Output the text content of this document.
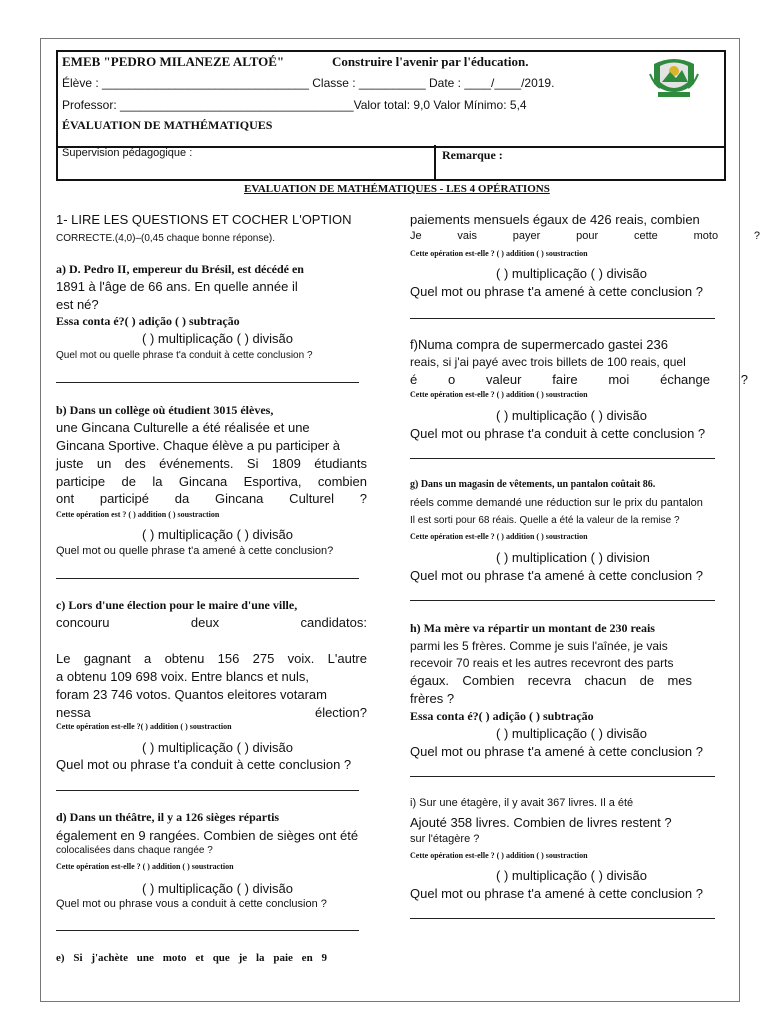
EMEB "PEDRO MILANEZE ALTOÉ"	Construire l'avenir par l'éducation.
Élève : _______________________________ Classe : __________ Date : ____/____/2019.
Professor: ___________________________________Valor total: 9,0 Valor Mínimo: 5,4
ÉVALUATION DE MATHÉMATIQUES
Supervision pédagogique :	Remarque :
EVALUATION DE MATHÉMATIQUES - LES 4 OPÉRATIONS
1- LIRE LES QUESTIONS ET COCHER L'OPTION
CORRECTE.(4,0)–(0,45 chaque bonne réponse).
a) D. Pedro II, empereur du Brésil, est décédé en
1891 à l'âge de 66 ans. En quelle année il
est né?
Essa conta é?( ) adição ( ) subtração
( ) multiplicação ( ) divisão
Quel mot ou quelle phrase t'a conduit à cette conclusion ?
b) Dans un collège où étudient 3015 élèves,
une Gincana Culturelle a été réalisée et une
Gincana Sportive. Chaque élève a pu participer à
juste un des événements. Si 1809 étudiants
participe de la Gincana Esportiva, combien
ont participé da Gincana Culturel ?
Cette opération est ? ( ) addition ( ) soustraction
( ) multiplicação ( ) divisão
Quel mot ou quelle phrase t'a amené à cette conclusion?
c) Lors d'une élection pour le maire d'une ville,
concouru deux candidatos:
Le gagnant a obtenu 156 275 voix. L'autre
a obtenu 109 698 voix. Entre blancs et nuls,
foram 23 746 votos. Quantos eleitores votaram
nessa élection?
Cette opération est-elle ?( ) addition ( ) soustraction
( ) multiplicação ( ) divisão
Quel mot ou phrase t'a conduit à cette conclusion ?
d) Dans un théâtre, il y a 126 sièges répartis
également en 9 rangées. Combien de sièges ont été
colocalisées dans chaque rangée ?
Cette opération est-elle ? ( ) addition ( ) soustraction
( ) multiplicação ( ) divisão
Quel mot ou phrase vous a conduit à cette conclusion ?
e) Si j'achète une moto et que je la paie en 9
paiements mensuels égaux de 426 reais, combien
Je vais payer pour cette moto ?
Cette opération est-elle ? ( ) addition ( ) soustraction
( ) multiplicação ( ) divisão
Quel mot ou phrase t'a amené à cette conclusion ?
f)Numa compra de supermercado gastei 236
reais, si j'ai payé avec trois billets de 100 reais, quel
é o valeur faire moi échange ?
Cette opération est-elle ? ( ) addition ( ) soustraction
( ) multiplicação ( ) divisão
Quel mot ou phrase t'a conduit à cette conclusion ?
g) Dans un magasin de vêtements, un pantalon coûtait 86.
réels comme demandé une réduction sur le prix du pantalon
Il est sorti pour 68 réais. Quelle a été la valeur de la remise ?
Cette opération est-elle ? ( ) addition ( ) soustraction
( ) multiplication ( ) division
Quel mot ou phrase t'a amené à cette conclusion ?
h) Ma mère va répartir un montant de 230 reais
parmi les 5 frères. Comme je suis l'aînée, je vais
recevoir 70 reais et les autres recevront des parts
égaux. Combien recevra chacun de mes
frères ?
Essa conta é?( ) adição ( ) subtração
( ) multiplicação ( ) divisão
Quel mot ou phrase t'a amené à cette conclusion ?
i) Sur une étagère, il y avait 367 livres. Il a été
Ajouté 358 livres. Combien de livres restent ?
sur l'étagère ?
Cette opération est-elle ? ( ) addition ( ) soustraction
( ) multiplicação ( ) divisão
Quel mot ou phrase t'a amené à cette conclusion ?
